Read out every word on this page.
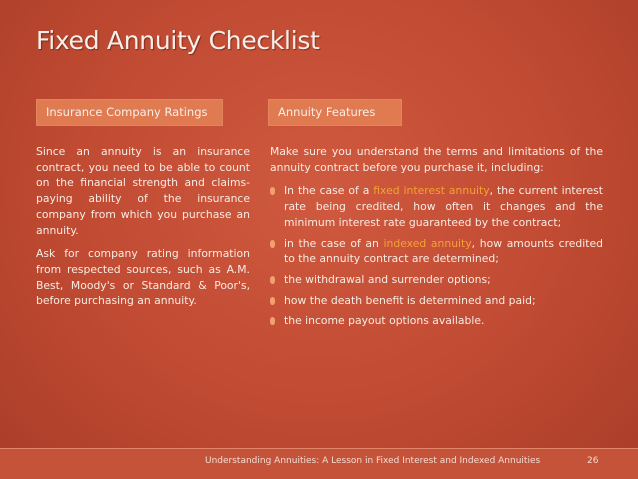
Fixed Annuity Checklist
Insurance Company Ratings	Annuity Features

Since an annuity is an insurance contract, you need to be able to count on the financial strength and claims-paying ability of the insurance company from which you purchase an annuity.

Ask for company rating information from respected sources, such as A.M. Best, Moody's or Standard & Poor's, before purchasing an annuity.

Make sure you understand the terms and limitations of the annuity contract before you purchase it, including:

In the case of a fixed interest annuity, the current interest rate being credited, how often it changes and the minimum interest rate guaranteed by the contract;
in the case of an indexed annuity, how amounts credited to the annuity contract are determined;
the withdrawal and surrender options;
how the death benefit is determined and paid;
the income payout options available.
Understanding Annuities: A Lesson in Fixed Interest and Indexed Annuities	26
